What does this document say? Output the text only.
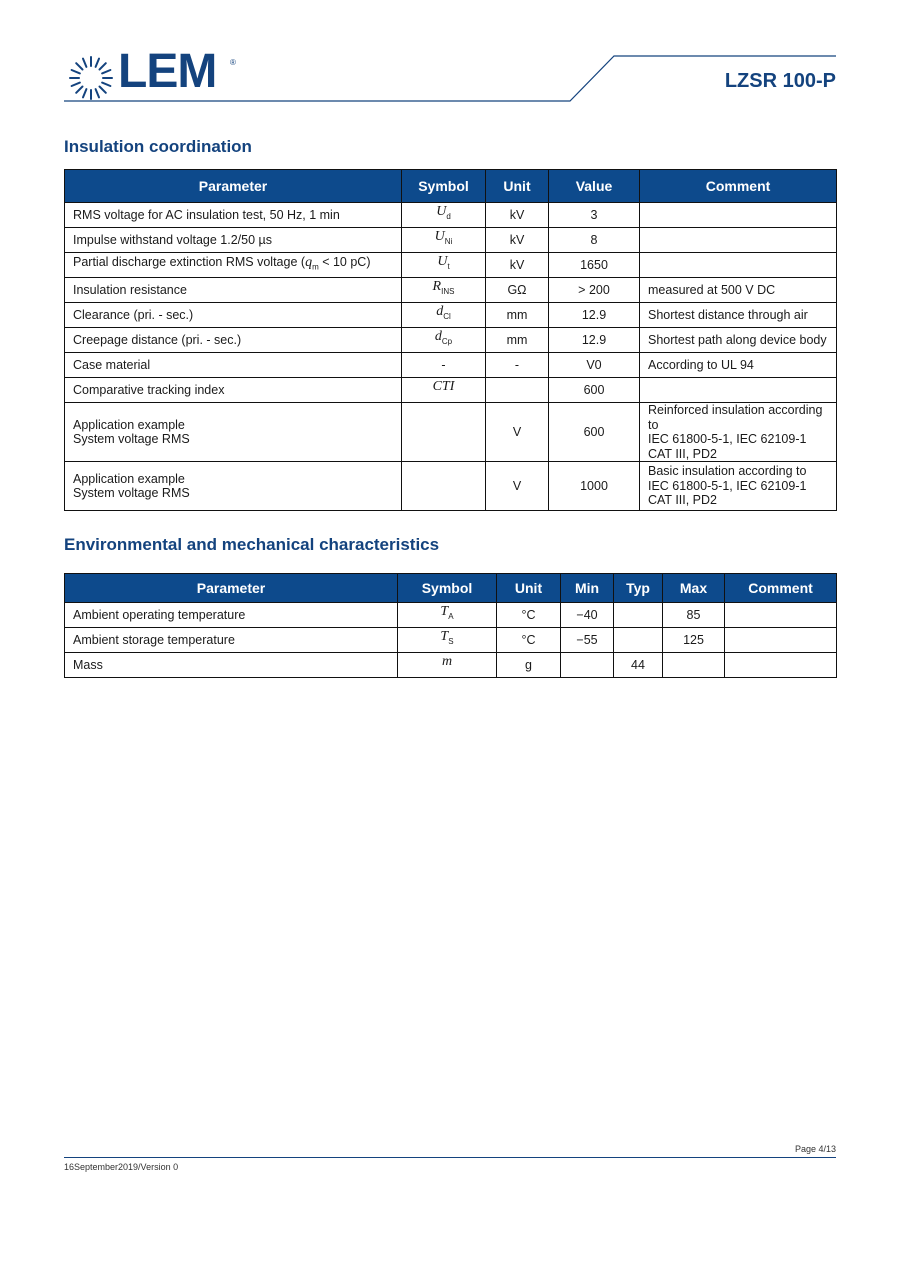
LEM ®
LZSR 100-P
Insulation coordination
Parameter	Symbol	Unit	Value	Comment
RMS voltage for AC insulation test, 50 Hz, 1 min	$U_d$	kV	3	
Impulse withstand voltage 1.2/50 µs	$U_{Ni}$	kV	8	
Partial discharge extinction RMS voltage ($q_m < 10$ pC)	$U_t$	kV	1650	
Insulation resistance	$R_{INS}$	GΩ	> 200	measured at 500 V DC
Clearance (pri. - sec.)	$d_{Cl}$	mm	12.9	Shortest distance through air
Creepage distance (pri. - sec.)	$d_{Cp}$	mm	12.9	Shortest path along device body
Case material	-	-	V0	According to UL 94
Comparative tracking index	CTI		600	

Application example
System voltage RMS		V	600	Reinforced insulation according to
IEC 61800-5-1, IEC 62109-1
CAT III, PD2

Application example
System voltage RMS		V	1000	Basic insulation according to
IEC 61800-5-1, IEC 62109-1
CAT III, PD2
Environmental and mechanical characteristics
Parameter	Symbol	Unit	Min	Typ	Max	Comment
Ambient operating temperature	$T_A$	°C	−40		85	
Ambient storage temperature	$T_S$	°C	−55		125	
Mass	m	g		44		
Page 4/13
16September2019/Version 0
